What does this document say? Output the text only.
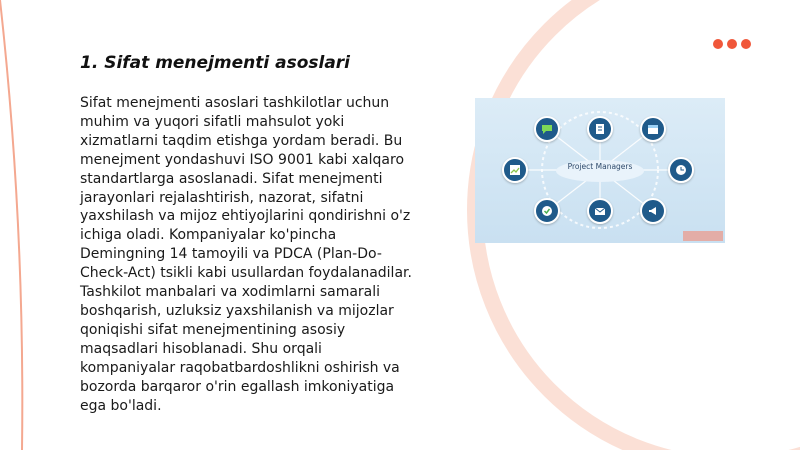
1. Sifat menejmenti asoslari

Sifat menejmenti asoslari tashkilotlar uchun muhim va yuqori sifatli mahsulot yoki xizmatlarni taqdim etishga yordam beradi. Bu menejment yondashuvi ISO 9001 kabi xalqaro standartlarga asoslanadi. Sifat menejmenti jarayonlari rejalashtirish, nazorat, sifatni yaxshilash va mijoz ehtiyojlarini qondirishni o'z ichiga oladi. Kompaniyalar ko'pincha Demingning 14 tamoyili va PDCA (Plan-Do-Check-Act) tsikli kabi usullardan foydalanadilar. Tashkilot manbalari va xodimlarni samarali boshqarish, uzluksiz yaxshilanish va mijozlar qoniqishi sifat menejmentining asosiy maqsadlari hisoblanadi. Shu orqali kompaniyalar raqobatbardoshlikni oshirish va bozorda barqaror o'rin egallash imkoniyatiga ega bo'ladi.

Project Managers
